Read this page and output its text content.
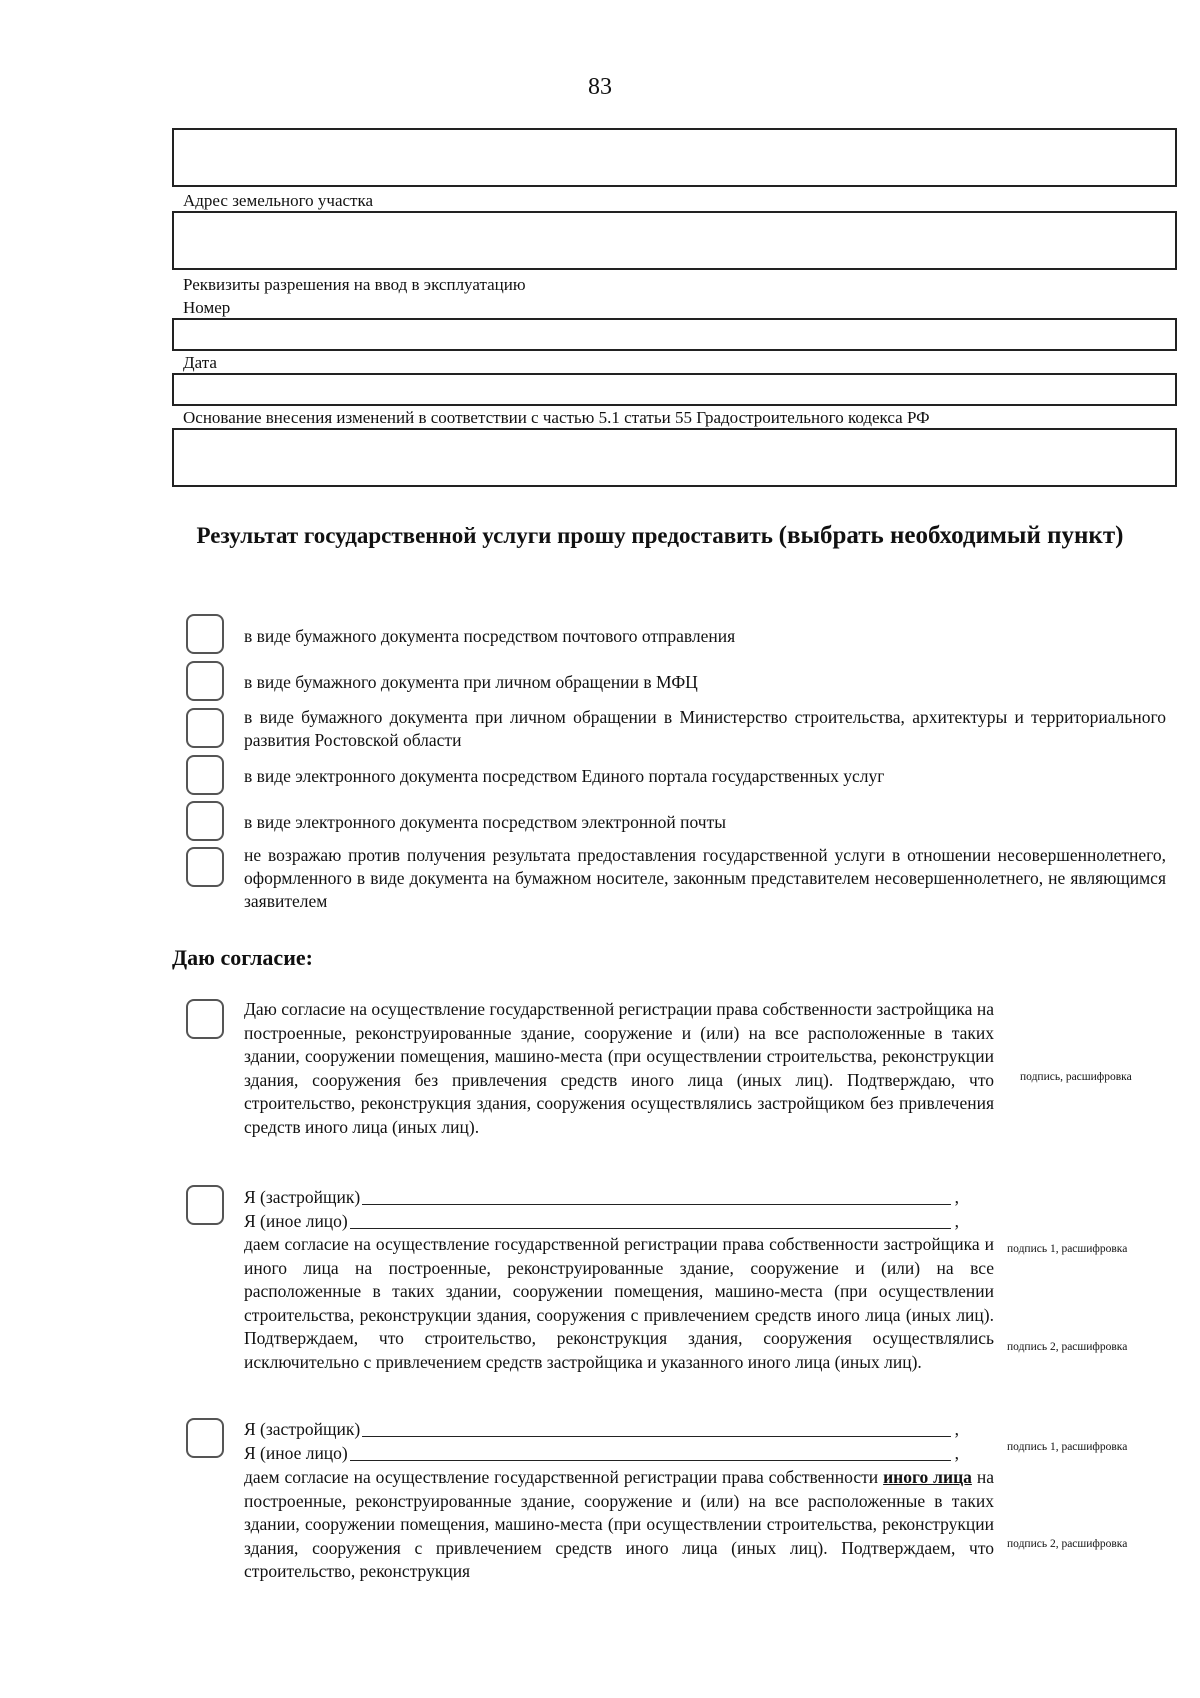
83
Адрес земельного участка
Реквизиты разрешения на ввод в эксплуатацию
Номер
Дата
Основание внесения изменений в соответствии с частью 5.1 статьи 55 Градостроительного кодекса РФ
Результат государственной услуги прошу предоставить (выбрать необходимый пункт)
в виде бумажного документа посредством почтового отправления
в виде бумажного документа при личном обращении в МФЦ
в виде бумажного документа при личном обращении в Министерство строительства, архитектуры и территориального развития Ростовской области
в виде электронного документа посредством Единого портала государственных услуг
в виде электронного документа посредством электронной почты
не возражаю против получения результата предоставления государственной услуги в отношении несовершеннолетнего, оформленного в виде документа на бумажном носителе, законным представителем несовершеннолетнего, не являющимся заявителем
Даю согласие:
Даю согласие на осуществление государственной регистрации права собственности застройщика на построенные, реконструированные здание, сооружение и (или) на все расположенные в таких здании, сооружении помещения, машино-места (при осуществлении строительства, реконструкции здания, сооружения без привлечения средств иного лица (иных лиц). Подтверждаю, что строительство, реконструкция здания, сооружения осуществлялись застройщиком без привлечения средств иного лица (иных лиц).
подпись, расшифровка
Я (застройщик)	,
Я (иное лицо)	,
даем согласие на осуществление государственной регистрации права собственности застройщика и иного лица на построенные, реконструированные здание, сооружение и (или) на все расположенные в таких здании, сооружении помещения, машино-места (при осуществлении строительства, реконструкции здания, сооружения с привлечением средств иного лица (иных лиц). Подтверждаем, что строительство, реконструкция здания, сооружения осуществлялись исключительно с привлечением средств застройщика и указанного иного лица (иных лиц).
подпись 1, расшифровка
подпись 2, расшифровка
Я (застройщик)	,
Я (иное лицо)	,
даем согласие на осуществление государственной регистрации права собственности иного лица на построенные, реконструированные здание, сооружение и (или) на все расположенные в таких здании, сооружении помещения, машино-места (при осуществлении строительства, реконструкции здания, сооружения с привлечением средств иного лица (иных лиц). Подтверждаем, что строительство, реконструкция
подпись 1, расшифровка
подпись 2, расшифровка
